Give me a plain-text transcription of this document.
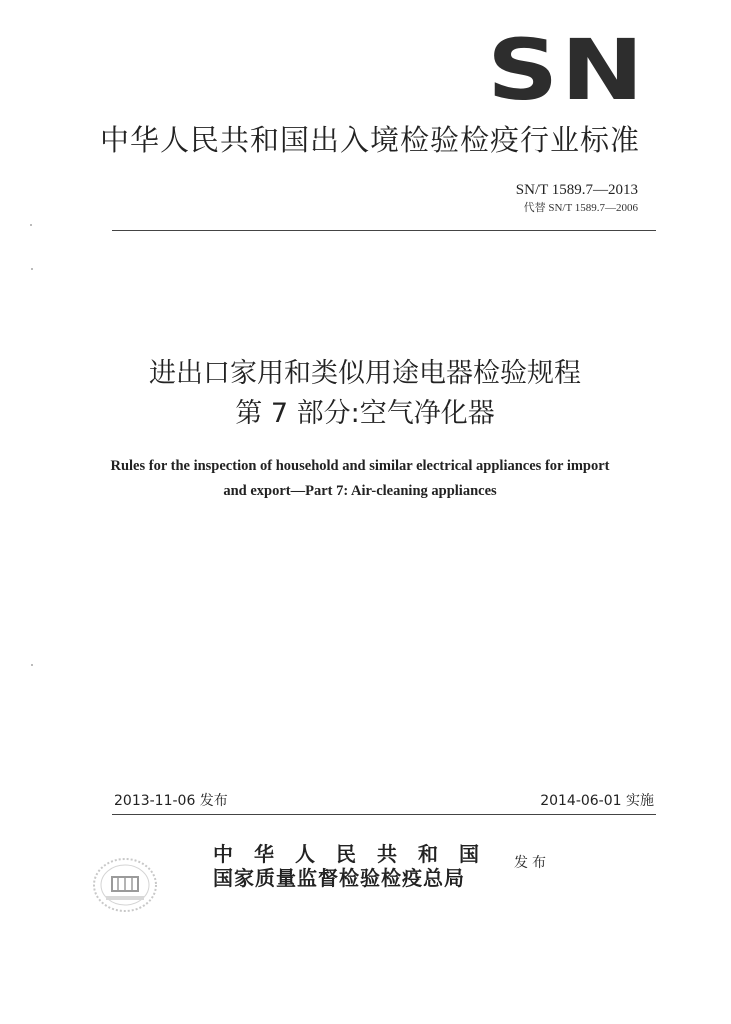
SN
中华人民共和国出入境检验检疫行业标准
SN/T 1589.7—2013
代替 SN/T 1589.7—2006
进出口家用和类似用途电器检验规程
第 7 部分:空气净化器
Rules for the inspection of household and similar electrical appliances for import
and export—Part 7: Air-cleaning appliances
2013-11-06 发布	2014-06-01 实施
中华人民共和国
国家质量监督检验检疫总局
发布
